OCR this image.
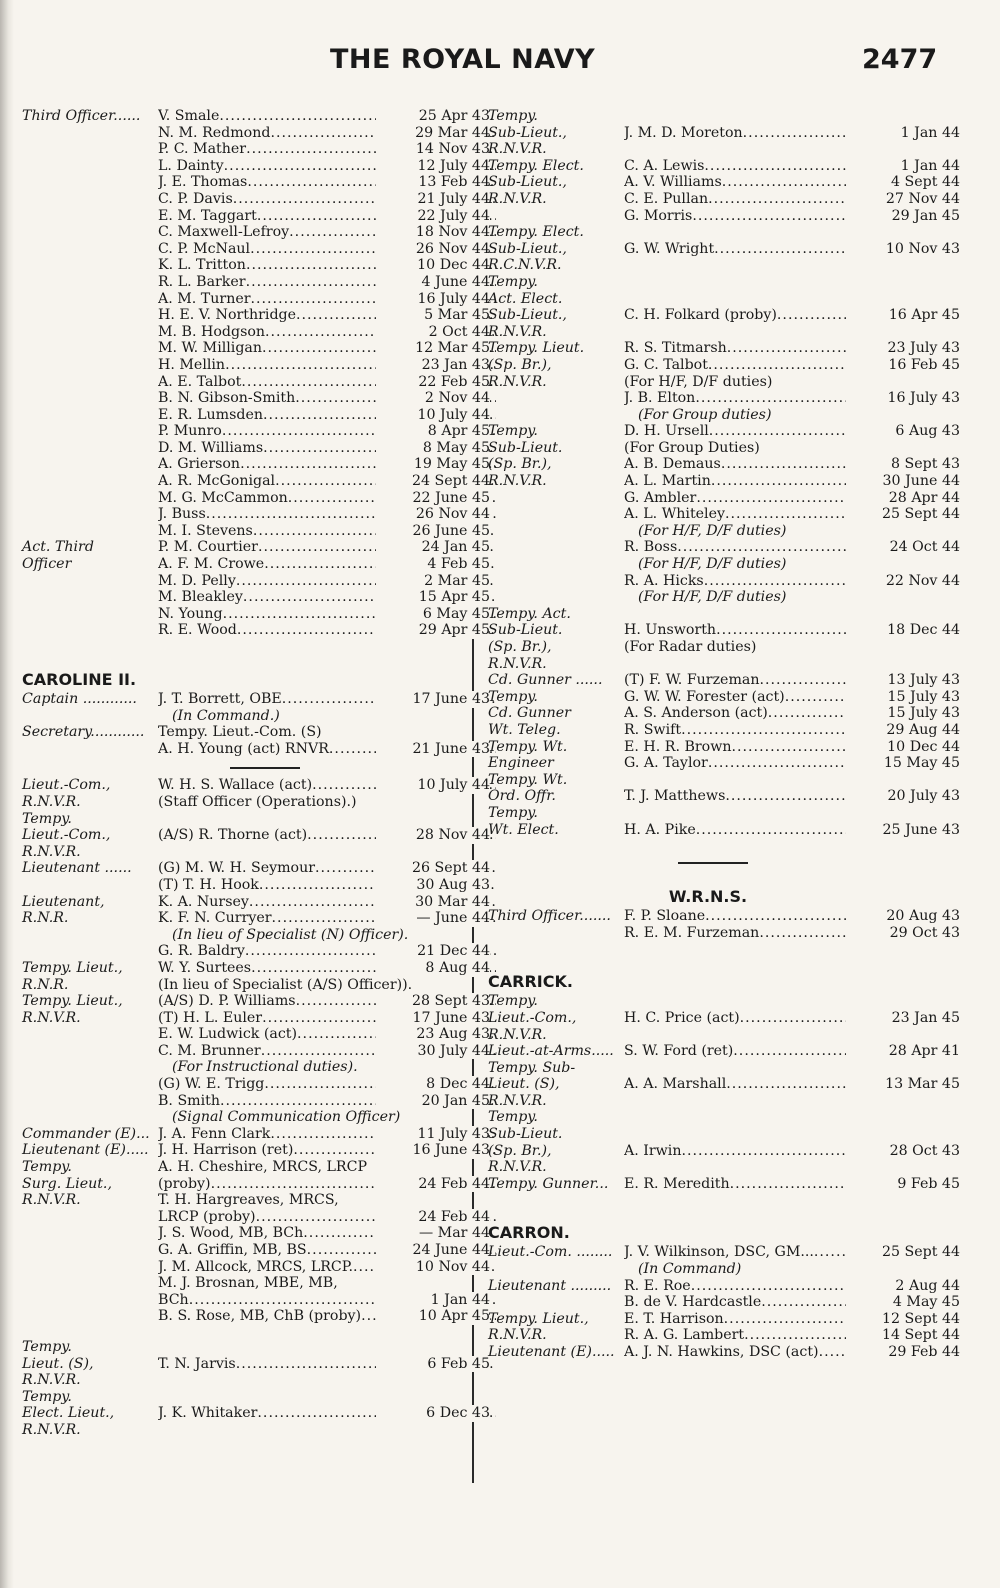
THE ROYAL NAVY	2477
Third Officer...... V. Smale .....	25 Apr 43
N. M. Redmond .....	29 Mar 44
P. C. Mather .....	14 Nov 43
L. Dainty .....	12 July 44
J. E. Thomas .....	13 Feb 44
C. P. Davis .....	21 July 44
E. M. Taggart .....	22 July 44
C. Maxwell-Lefroy .....	18 Nov 44
C. P. McNaul .....	26 Nov 44
K. L. Tritton .....	10 Dec 44
R. L. Barker .....	4 June 44
A. M. Turner .....	16 July 44
H. E. V. Northridge .....	5 Mar 45
M. B. Hodgson .....	2 Oct 44
M. W. Milligan .....	12 Mar 45
H. Mellin .....	23 Jan 43
A. E. Talbot .....	22 Feb 45
B. N. Gibson-Smith .....	2 Nov 44
E. R. Lumsden .....	10 July 44
P. Munro .....	8 Apr 45
D. M. Williams .....	8 May 45
A. Grierson .....	19 May 45
A. R. McGonigal .....	24 Sept 44
M. G. McCammon .....	22 June 45
J. Buss .....	26 Nov 44
M. I. Stevens .....	26 June 45
Act. Third	P. M. Courtier .....	24 Jan 45
Officer	A. F. M. Crowe .....	4 Feb 45
M. D. Pelly .....	2 Mar 45
M. Bleakley .....	15 Apr 45
N. Young .....	6 May 45
R. E. Wood .....	29 Apr 45
CAROLINE II.
Captain ............ J. T. Borrett, OBE .....	17 June 43
(In Command.)
Secretary............ Tempy. Lieut.-Com. (S)
A. H. Young (act) RNVR .....	21 June 43
Lieut.-Com.,	W. H. S. Wallace (act) .....	10 July 44
R.N.V.R.	(Staff Officer (Operations).)
Tempy.
Lieut.-Com.,	(A/S) R. Thorne (act) .....	28 Nov 44
R.N.V.R.
Lieutenant ...... (G) M. W. H. Seymour .....	26 Sept 44
(T) T. H. Hook .....	30 Aug 43
Lieutenant,	K. A. Nursey .....	30 Mar 44
R.N.R.	K. F. N. Curryer .....	— June 44
(In lieu of Specialist (N) Officer).
G. R. Baldry .....	21 Dec 44
Tempy. Lieut., W. Y. Surtees .....	8 Aug 44
R.N.R.	(In lieu of Specialist (A/S) Officer)).
Tempy. Lieut., (A/S) D. P. Williams .....	28 Sept 43
R.N.V.R.	(T) H. L. Euler .....	17 June 43
E. W. Ludwick (act) .....	23 Aug 43
C. M. Brunner .....	30 July 44
(For Instructional duties).
(G) W. E. Trigg .....	8 Dec 44
B. Smith .....	20 Jan 45
(Signal Communication Officer)
Commander (E)... J. A. Fenn Clark .....	11 July 43
Lieutenant (E)..... J. H. Harrison (ret) .....	16 June 43
Tempy.	A. H. Cheshire, MRCS, LRCP
Surg. Lieut.,	(proby) .....	24 Feb 44
R.N.V.R.	T. H. Hargreaves, MRCS,
LRCP (proby) .....	24 Feb 44
J. S. Wood, MB, BCh .....	— Mar 44
G. A. Griffin, MB, BS .....	24 June 44
J. M. Allcock, MRCS, LRCP. .....	10 Nov 44
M. J. Brosnan, MBE, MB,
BCh .....	1 Jan 44
B. S. Rose, MB, ChB (proby) .....	10 Apr 45
Tempy.
Lieut. (S),	T. N. Jarvis .....	6 Feb 45
R.N.V.R.
Tempy.
Elect. Lieut.,	J. K. Whitaker .....	6 Dec 43
R.N.V.R.
Tempy.
Sub-Lieut.,	J. M. D. Moreton .....	1 Jan 44
R.N.V.R.
Tempy. Elect.	C. A. Lewis .....	1 Jan 44
Sub-Lieut.,	A. V. Williams .....	4 Sept 44
R.N.V.R.	C. E. Pullan .....	27 Nov 44
G. Morris .....	29 Jan 45
Tempy. Elect.
Sub-Lieut.,	G. W. Wright .....	10 Nov 43
R.C.N.V.R.
Tempy.
Act. Elect.
Sub-Lieut.,	C. H. Folkard (proby) .....	16 Apr 45
R.N.V.R.
Tempy. Lieut.	R. S. Titmarsh .....	23 July 43
(Sp. Br.),	G. C. Talbot .....	16 Feb 45
R.N.V.R.	(For H/F, D/F duties)
J. B. Elton .....	16 July 43
(For Group duties)
Tempy.	D. H. Ursell .....	6 Aug 43
Sub-Lieut.	(For Group Duties)
(Sp. Br.),	A. B. Demaus .....	8 Sept 43
R.N.V.R.	A. L. Martin .....	30 June 44
G. Ambler .....	28 Apr 44
A. L. Whiteley .....	25 Sept 44
(For H/F, D/F duties)
R. Boss .....	24 Oct 44
(For H/F, D/F duties)
R. A. Hicks .....	22 Nov 44
(For H/F, D/F duties)
Tempy. Act.
Sub-Lieut.	H. Unsworth .....	18 Dec 44
(Sp. Br.),	(For Radar duties)
R.N.V.R.
Cd. Gunner ...... (T) F. W. Furzeman .....	13 July 43
Tempy.	G. W. W. Forester (act) .....	15 July 43
Cd. Gunner	A. S. Anderson (act) .....	15 July 43
Wt. Teleg.	R. Swift .....	29 Aug 44
Tempy. Wt.	E. H. R. Brown .....	10 Dec 44
Engineer	G. A. Taylor .....	15 May 45
Tempy. Wt.
Ord. Offr.	T. J. Matthews .....	20 July 43
Tempy.
Wt. Elect.	H. A. Pike .....	25 June 43
W.R.N.S.
Third Officer....... F. P. Sloane .....	20 Aug 43
R. E. M. Furzeman .....	29 Oct 43
CARRICK.
Tempy.
Lieut.-Com.,	H. C. Price (act) .....	23 Jan 45
R.N.V.R.
Lieut.-at-Arms..... S. W. Ford (ret) .....	28 Apr 41
Tempy. Sub-
Lieut. (S),	A. A. Marshall .....	13 Mar 45
R.N.V.R.
Tempy.
Sub-Lieut.
(Sp. Br.),	A. Irwin .....	28 Oct 43
R.N.V.R.
Tempy. Gunner... E. R. Meredith .....	9 Feb 45
CARRON.
Lieut.-Com. ........ J. V. Wilkinson, DSC, GM... .....	25 Sept 44
(In Command)
Lieutenant ......... R. E. Roe .....	2 Aug 44
B. de V. Hardcastle .....	4 May 45
Tempy. Lieut., E. T. Harrison .....	12 Sept 44
R.N.V.R.	R. A. G. Lambert .....	14 Sept 44
Lieutenant (E)..... A. J. N. Hawkins, DSC (act) .....	29 Feb 44
